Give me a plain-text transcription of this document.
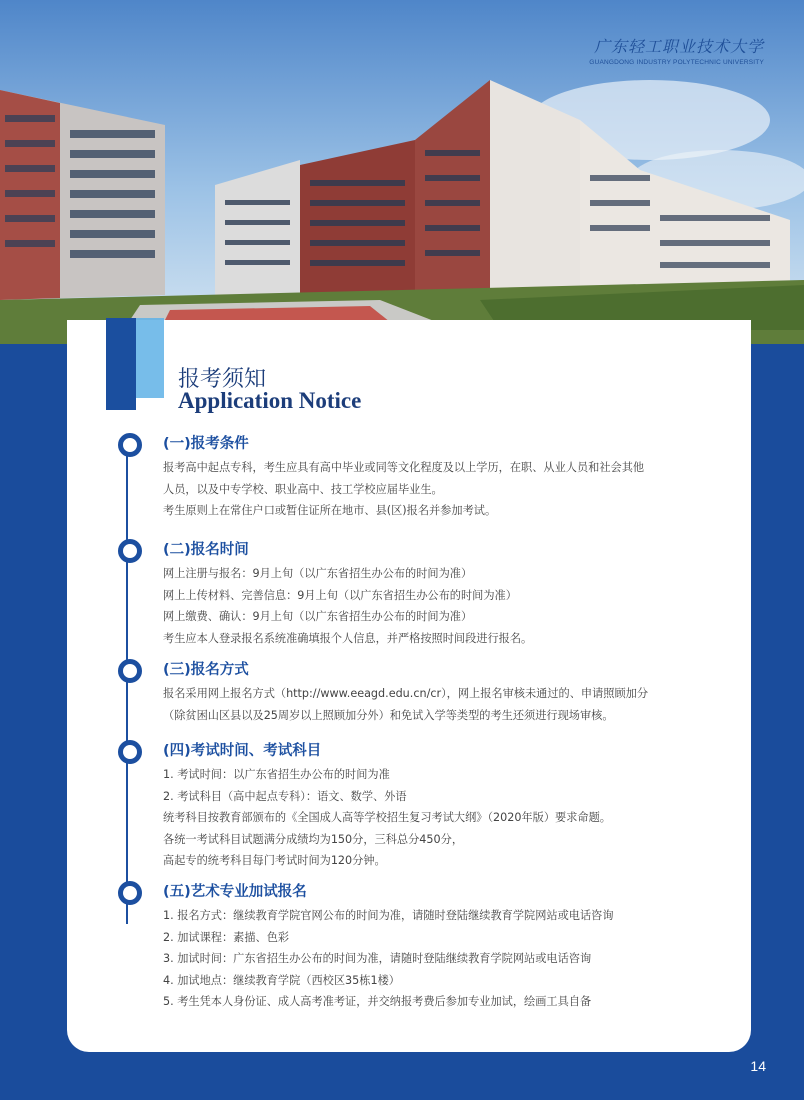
广东轻工职业技术大学
GUANGDONG INDUSTRY POLYTECHNIC UNIVERSITY
报考须知
Application Notice
(一)报考条件
报考高中起点专科，考生应具有高中毕业或同等文化程度及以上学历，在职、从业人员和社会其他
人员，以及中专学校、职业高中、技工学校应届毕业生。
考生原则上在常住户口或暂住证所在地市、县(区)报名并参加考试。
(二)报名时间
网上注册与报名：9月上旬（以广东省招生办公布的时间为准）
网上上传材料、完善信息：9月上旬（以广东省招生办公布的时间为准）
网上缴费、确认：9月上旬（以广东省招生办公布的时间为准）
考生应本人登录报名系统准确填报个人信息，并严格按照时间段进行报名。
(三)报名方式
报名采用网上报名方式（http://www.eeagd.edu.cn/cr），网上报名审核未通过的、申请照顾加分
（除贫困山区县以及25周岁以上照顾加分外）和免试入学等类型的考生还须进行现场审核。
(四)考试时间、考试科目
1. 考试时间：以广东省招生办公布的时间为准
2. 考试科目（高中起点专科）：语文、数学、外语
统考科目按教育部颁布的《全国成人高等学校招生复习考试大纲》（2020年版）要求命题。
各统一考试科目试题满分成绩均为150分，三科总分450分，
高起专的统考科目每门考试时间为120分钟。
(五)艺术专业加试报名
1. 报名方式：继续教育学院官网公布的时间为准，请随时登陆继续教育学院网站或电话咨询
2. 加试课程：素描、色彩
3. 加试时间：广东省招生办公布的时间为准，请随时登陆继续教育学院网站或电话咨询
4. 加试地点：继续教育学院（西校区35栋1楼）
5. 考生凭本人身份证、成人高考准考证，并交纳报考费后参加专业加试，绘画工具自备
14
